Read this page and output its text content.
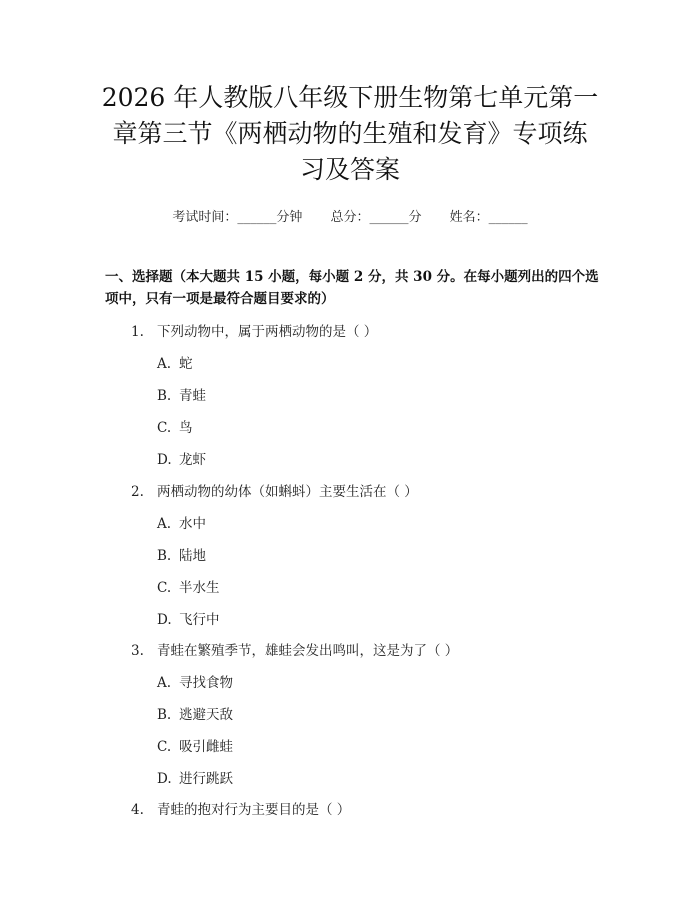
2026 年人教版八年级下册生物第七单元第一
章第三节《两栖动物的生殖和发育》专项练
习及答案
考试时间：______分钟 总分：______分 姓名：______
一、选择题（本大题共 15 小题，每小题 2 分，共 30 分。在每小题列出的四个选
项中，只有一项是最符合题目要求的）
1. 下列动物中，属于两栖动物的是（ ）
A. 蛇
B. 青蛙
C. 鸟
D. 龙虾
2. 两栖动物的幼体（如蝌蚪）主要生活在（ ）
A. 水中
B. 陆地
C. 半水生
D. 飞行中
3. 青蛙在繁殖季节，雄蛙会发出鸣叫，这是为了（ ）
A. 寻找食物
B. 逃避天敌
C. 吸引雌蛙
D. 进行跳跃
4. 青蛙的抱对行为主要目的是（ ）
